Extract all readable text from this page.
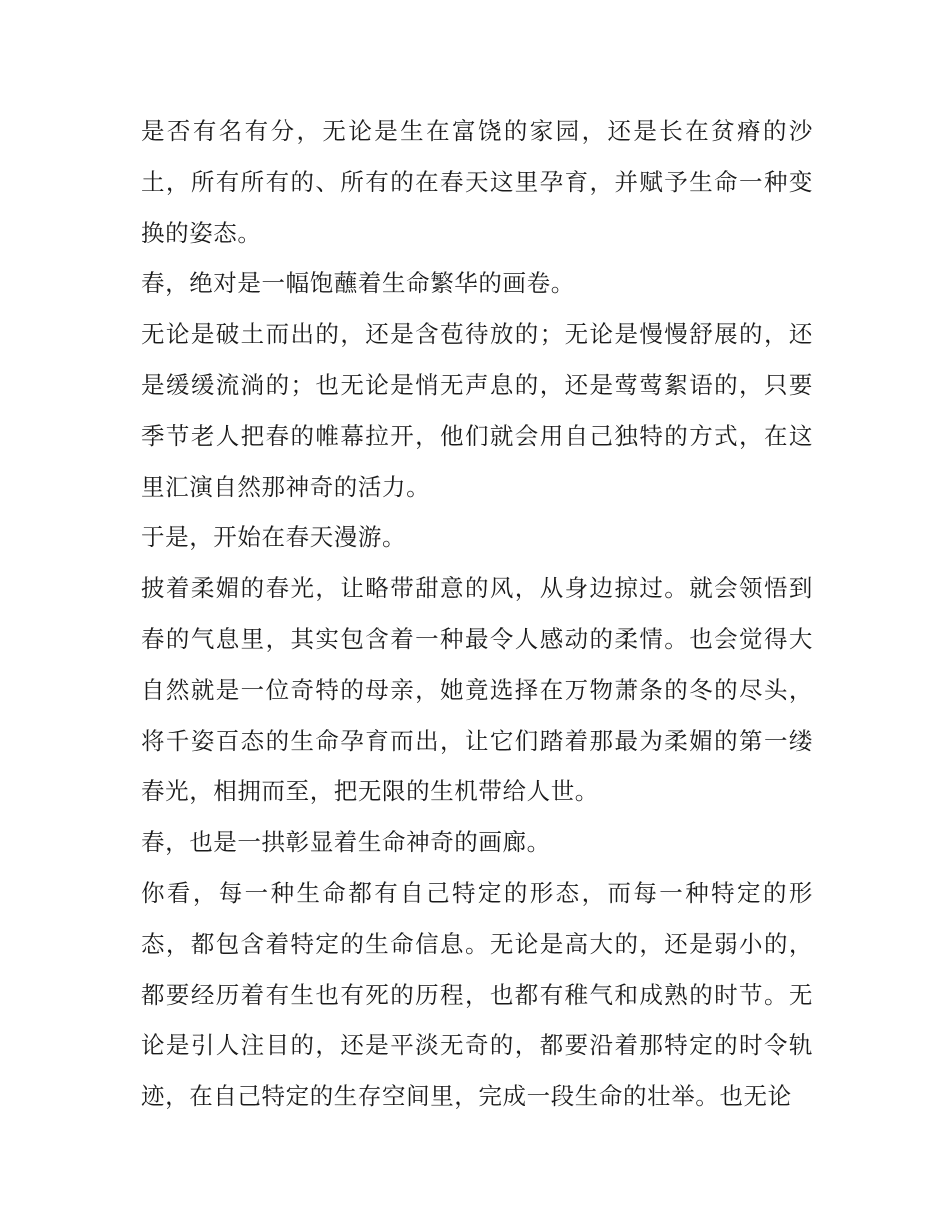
是否有名有分，无论是生在富饶的家园，还是长在贫瘠的沙土，所有所有的、所有的在春天这里孕育，并赋予生命一种变换的姿态。

春，绝对是一幅饱蘸着生命繁华的画卷。

无论是破土而出的，还是含苞待放的；无论是慢慢舒展的，还是缓缓流淌的；也无论是悄无声息的，还是莺莺絮语的，只要季节老人把春的帷幕拉开，他们就会用自己独特的方式，在这里汇演自然那神奇的活力。

于是，开始在春天漫游。

披着柔媚的春光，让略带甜意的风，从身边掠过。就会领悟到春的气息里，其实包含着一种最令人感动的柔情。也会觉得大自然就是一位奇特的母亲，她竟选择在万物萧条的冬的尽头，将千姿百态的生命孕育而出，让它们踏着那最为柔媚的第一缕春光，相拥而至，把无限的生机带给人世。

春，也是一拱彰显着生命神奇的画廊。

你看，每一种生命都有自己特定的形态，而每一种特定的形态，都包含着特定的生命信息。无论是高大的，还是弱小的，都要经历着有生也有死的历程，也都有稚气和成熟的时节。无论是引人注目的，还是平淡无奇的，都要沿着那特定的时令轨迹，在自己特定的生存空间里，完成一段生命的壮举。也无论
